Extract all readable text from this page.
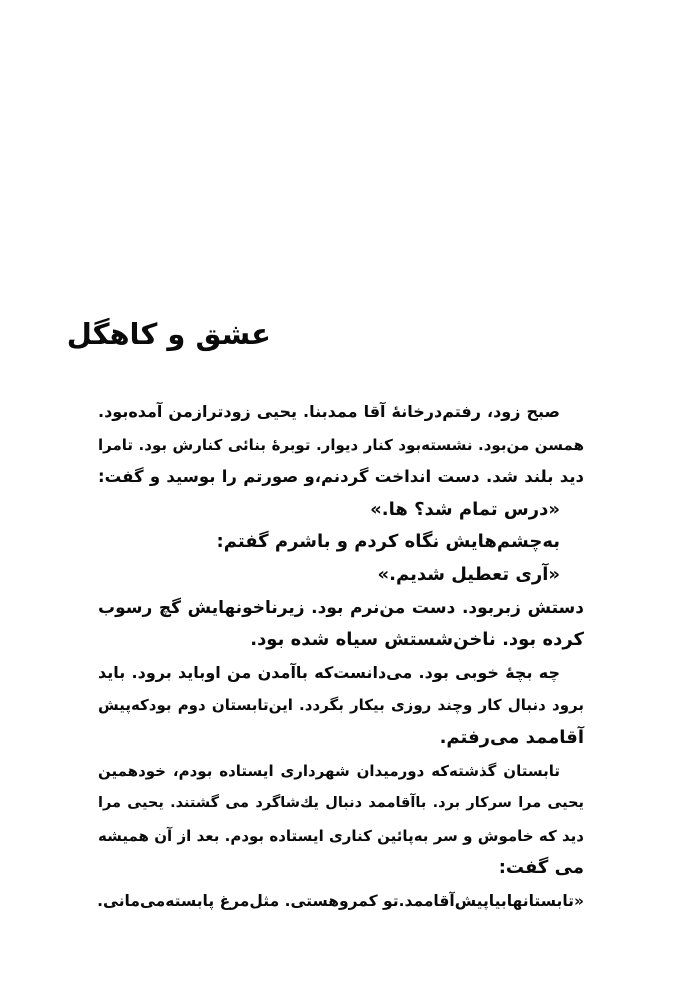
عشق و کاهگل
صبح زود، رفتم‌درخانهٔ آقا ممدبنا. یحیی زودترازمن آمده‌بود.
همسن من‌بود. نشسته‌بود کنار دیوار. توبرهٔ بنائی کنارش بود. تامرا
دید بلند شد. دست انداخت گردنم،و صورتم را بوسید و گفت:
«درس تمام شد؟ ها.»
به‌چشم‌هایش نگاه کردم و باشرم گفتم:
«آری تعطیل شدیم.»
دستش زبربود. دست من‌نرم بود. زیرناخونهایش گچ رسوب
کرده بود. ناخن‌شستش سیاه شده بود.
چه بچهٔ خوبی بود. می‌دانست‌که باآمدن من اوباید برود. باید
برود دنبال کار وچند روزی بیکار بگردد. این‌تابستان دوم بودکه‌پیش
آقاممد می‌رفتم.
تابستان گذشته‌که دورمیدان شهرداری ایستاده بودم، خودهمین
یحیی مرا سرکار برد. باآقاممد دنبال یك‌شاگرد می گشتند. یحیی مرا
دید که خاموش و سر به‌پائین کناری ایستاده بودم. بعد از آن همیشه
می گفت:
«تابستانهابیاپیش‌آقاممد.تو کمروهستی. مثل‌مرغ پابسته‌می‌مانی.
